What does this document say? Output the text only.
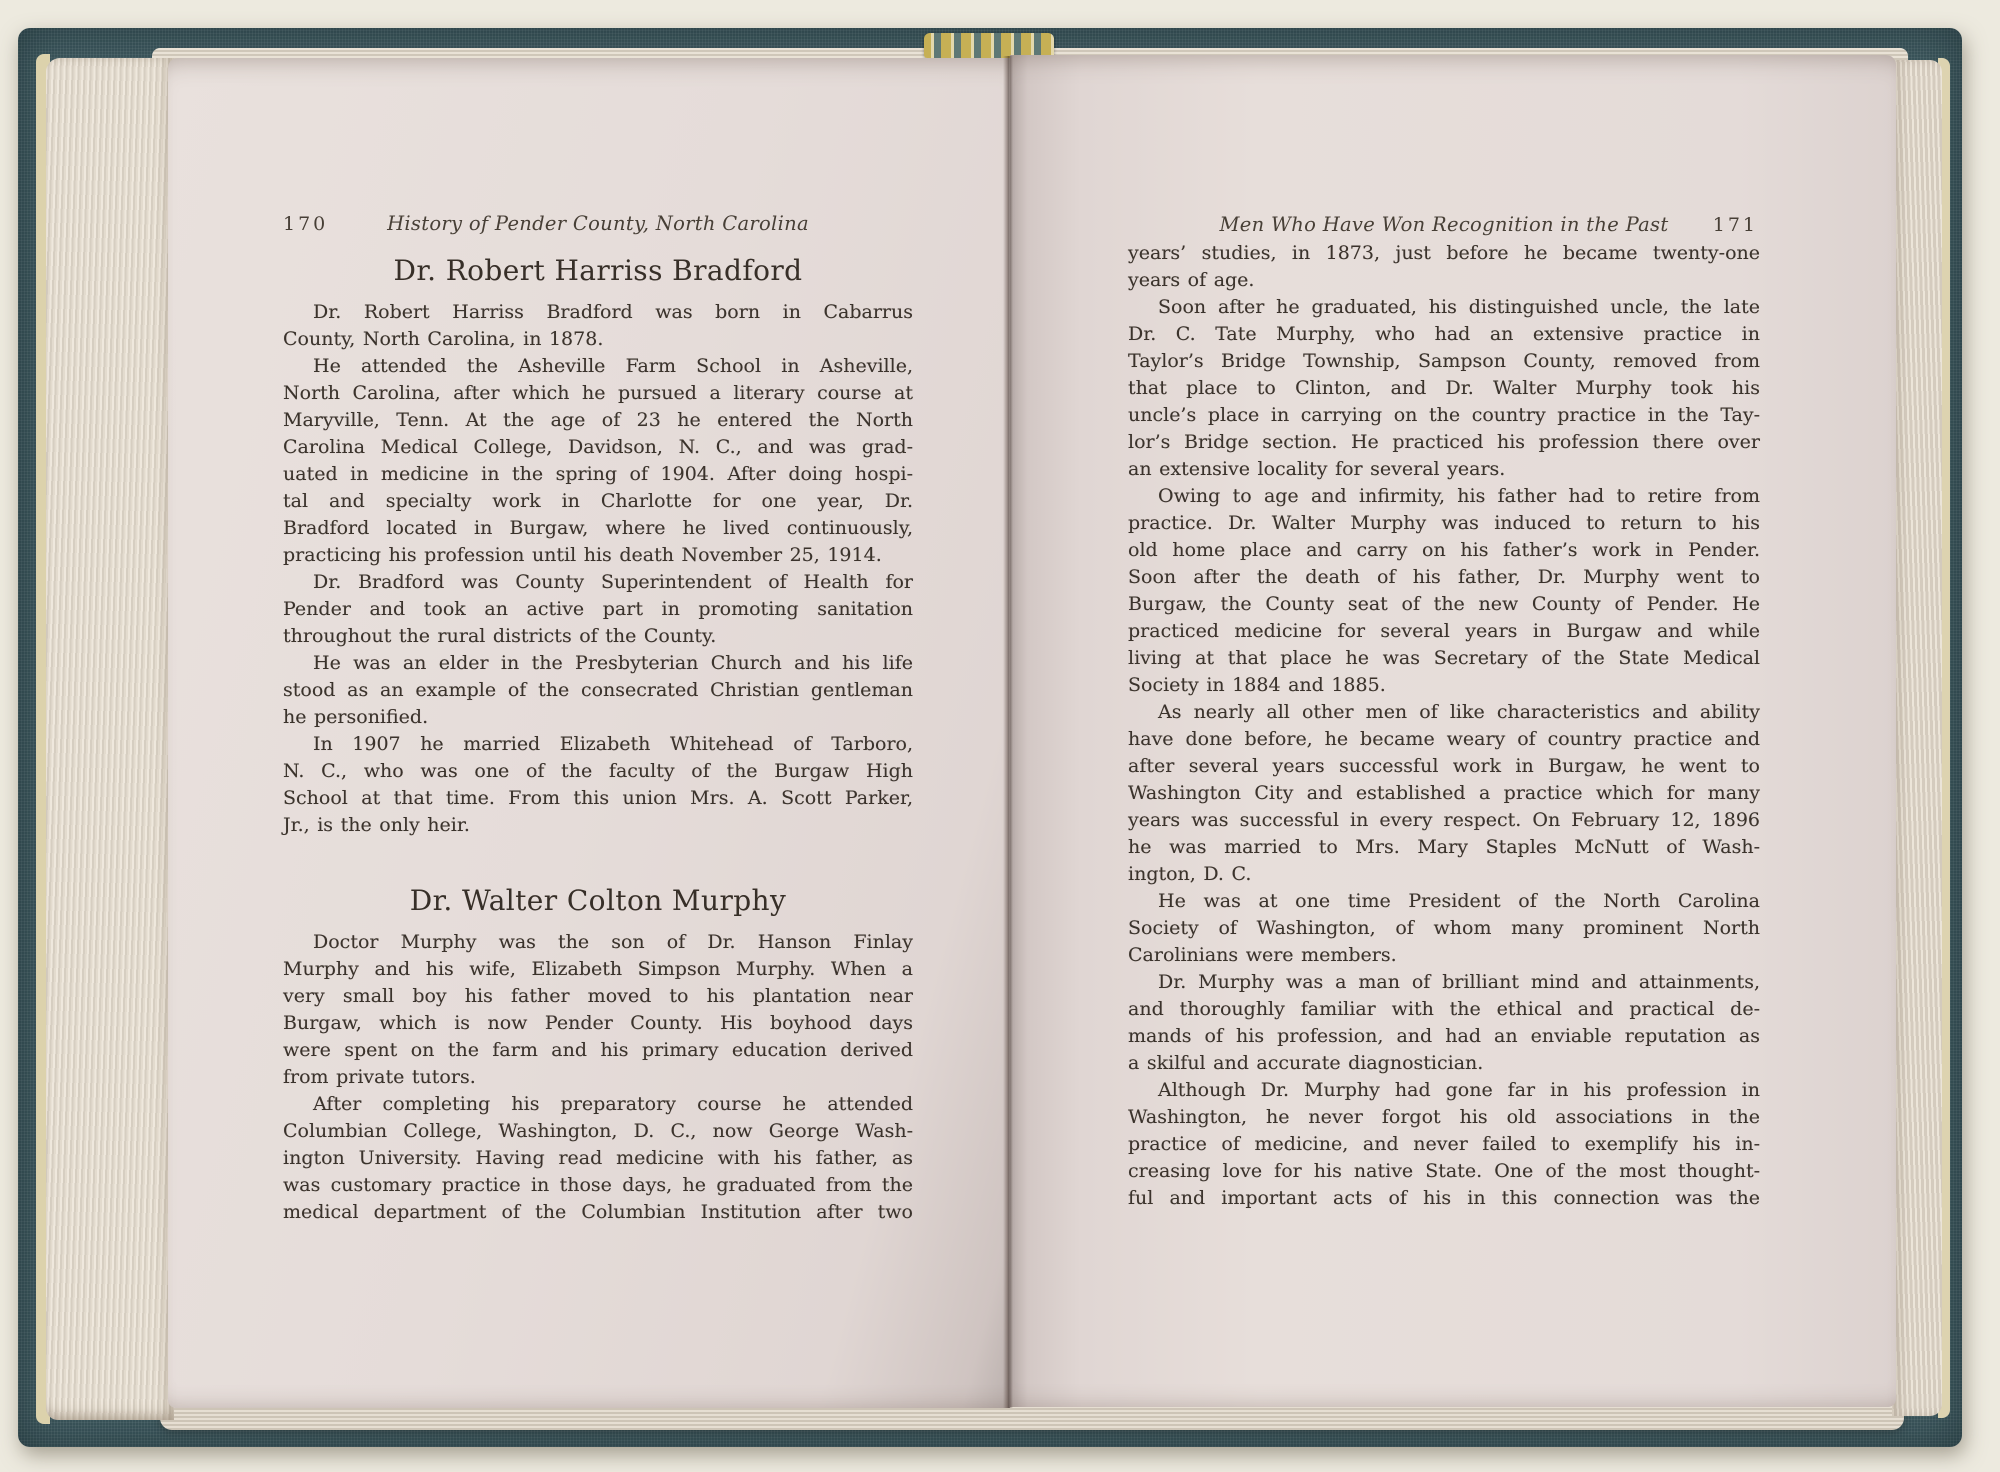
170	History of Pender County, North Carolina
Dr. Robert Harriss Bradford
Dr. Robert Harriss Bradford was born in Cabarrus
County, North Carolina, in 1878.
He attended the Asheville Farm School in Asheville,
North Carolina, after which he pursued a literary course at
Maryville, Tenn. At the age of 23 he entered the North
Carolina Medical College, Davidson, N. C., and was grad-
uated in medicine in the spring of 1904. After doing hospi-
tal and specialty work in Charlotte for one year, Dr.
Bradford located in Burgaw, where he lived continuously,
practicing his profession until his death November 25, 1914.
Dr. Bradford was County Superintendent of Health for
Pender and took an active part in promoting sanitation
throughout the rural districts of the County.
He was an elder in the Presbyterian Church and his life
stood as an example of the consecrated Christian gentleman
he personified.
In 1907 he married Elizabeth Whitehead of Tarboro,
N. C., who was one of the faculty of the Burgaw High
School at that time. From this union Mrs. A. Scott Parker,
Jr., is the only heir.
Dr. Walter Colton Murphy
Doctor Murphy was the son of Dr. Hanson Finlay
Murphy and his wife, Elizabeth Simpson Murphy. When a
very small boy his father moved to his plantation near
Burgaw, which is now Pender County. His boyhood days
were spent on the farm and his primary education derived
from private tutors.
After completing his preparatory course he attended
Columbian College, Washington, D. C., now George Wash-
ington University. Having read medicine with his father, as
was customary practice in those days, he graduated from the
medical department of the Columbian Institution after two
Men Who Have Won Recognition in the Past	171
years’ studies, in 1873, just before he became twenty-one
years of age.
Soon after he graduated, his distinguished uncle, the late
Dr. C. Tate Murphy, who had an extensive practice in
Taylor’s Bridge Township, Sampson County, removed from
that place to Clinton, and Dr. Walter Murphy took his
uncle’s place in carrying on the country practice in the Tay-
lor’s Bridge section. He practiced his profession there over
an extensive locality for several years.
Owing to age and infirmity, his father had to retire from
practice. Dr. Walter Murphy was induced to return to his
old home place and carry on his father’s work in Pender.
Soon after the death of his father, Dr. Murphy went to
Burgaw, the County seat of the new County of Pender. He
practiced medicine for several years in Burgaw and while
living at that place he was Secretary of the State Medical
Society in 1884 and 1885.
As nearly all other men of like characteristics and ability
have done before, he became weary of country practice and
after several years successful work in Burgaw, he went to
Washington City and established a practice which for many
years was successful in every respect. On February 12, 1896
he was married to Mrs. Mary Staples McNutt of Wash-
ington, D. C.
He was at one time President of the North Carolina
Society of Washington, of whom many prominent North
Carolinians were members.
Dr. Murphy was a man of brilliant mind and attainments,
and thoroughly familiar with the ethical and practical de-
mands of his profession, and had an enviable reputation as
a skilful and accurate diagnostician.
Although Dr. Murphy had gone far in his profession in
Washington, he never forgot his old associations in the
practice of medicine, and never failed to exemplify his in-
creasing love for his native State. One of the most thought-
ful and important acts of his in this connection was the
